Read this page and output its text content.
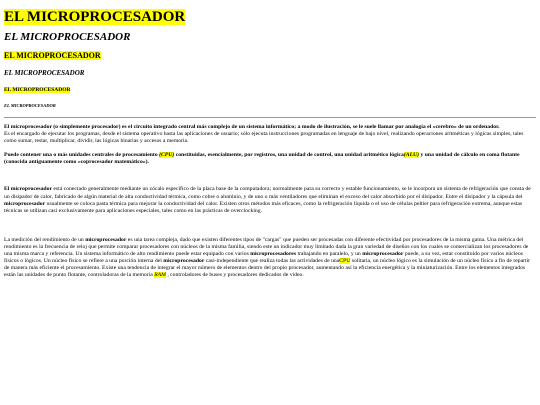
EL MICROPROCESADOR
EL MICROPROCESADOR
EL MICROPROCESADOR
EL MICROPROCESADOR
EL MICROPROCESADOR
EL MICROPROCESADOR

El microprocesador (o simplemente procesador) es el circuito integrado central más complejo de un sistema informático; a modo de ilustración, se le suele llamar por analogía el «cerebro» de un ordenador.
Es el encargado de ejecutar los programas, desde el sistema operativo hasta las aplicaciones de usuario; sólo ejecuta instrucciones programadas en lenguaje de bajo nivel, realizando operaciones aritméticas y lógicas simples, tales como sumar, restar, multiplicar, dividir, las lógicas binarias y accesos a memoria.

Puede contener una o más unidades centrales de procesamiento (CPU) constituidas, esencialmente, por registros, una unidad de control, una unidad aritmético lógica(ALU) y una unidad de cálculo en coma flotante (conocida antiguamente como «coprocesador matemático»).

El microprocesador está conectado generalmente mediante un zócalo específico de la placa base de la computadora; normalmente para su correcto y estable funcionamiento, se le incorpora un sistema de refrigeración que consta de un disipador de calor, fabricado de algún material de alta conductividad térmica, como cobre o aluminio, y de uno o más ventiladores que eliminan el exceso del calor absorbido por el disipador. Entre el disipador y la cápsula del microprocesador usualmente se coloca pasta térmica para mejorar la conductividad del calor. Existen otros métodos más eficaces, como la refrigeración líquida o el uso de células peltier para refrigeración extrema, aunque estas técnicas se utilizan casi exclusivamente para aplicaciones especiales, tales como en las prácticas de overclocking.

La medición del rendimiento de un microprocesador es una tarea compleja, dado que existen diferentes tipos de "cargas" que pueden ser procesadas con diferente efectividad por procesadores de la misma gama. Una métrica del rendimiento es la frecuencia de reloj que permite comparar procesadores con núcleos de la misma familia, siendo este un indicador muy limitado dada la gran variedad de diseños con los cuales se comercializan los procesadores de una misma marca y referencia. Un sistema informático de alto rendimiento puede estar equipado con varios microprocesadores trabajando en paralelo, y un microprocesador puede, a su vez, estar constituido por varios núcleos físicos o lógicos. Un núcleo físico se refiere a una porción interna del microprocesador casi-independiente que realiza todas las actividades de unaCPU solitaria, un núcleo lógico es la simulación de un núcleo físico a fin de repartir de manera más eficiente el procesamiento. Existe una tendencia de integrar el mayor número de elementos dentro del propio procesador, aumentando así la eficiencia energética y la miniaturización. Entre los elementos integrados están las unidades de punto flotante, controladoras de la memoria RAM , controladores de buses y procesadores dedicados de video.
